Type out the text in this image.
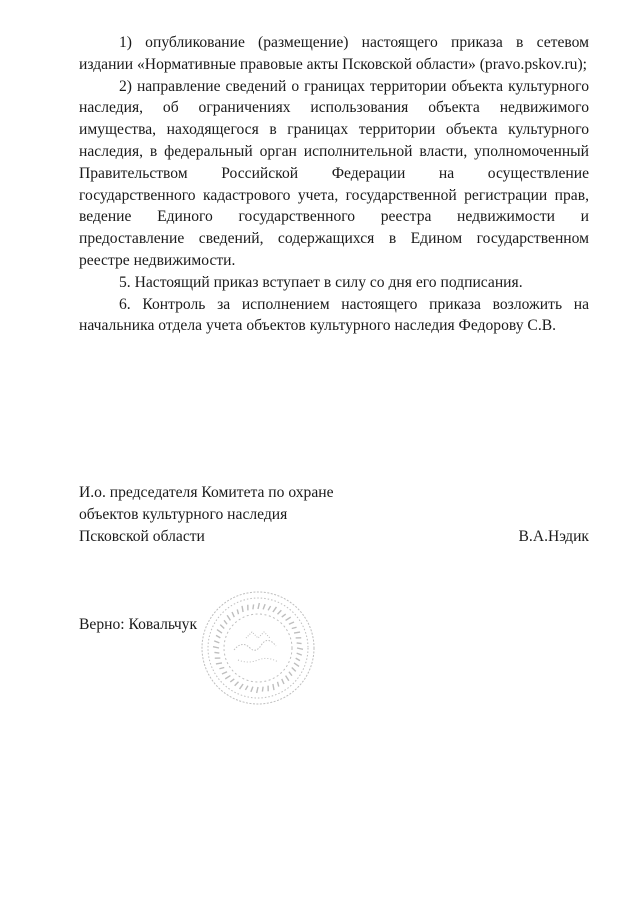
1) опубликование (размещение) настоящего приказа в сетевом издании «Нормативные правовые акты Псковской области» (pravo.pskov.ru);

2) направление сведений о границах территории объекта культурного наследия, об ограничениях использования объекта недвижимого имущества, находящегося в границах территории объекта культурного наследия, в федеральный орган исполнительной власти, уполномоченный Правительством Российской Федерации на осуществление государственного кадастрового учета, государственной регистрации прав, ведение Единого государственного реестра недвижимости и предоставление сведений, содержащихся в Едином государственном реестре недвижимости.

5. Настоящий приказ вступает в силу со дня его подписания.

6. Контроль за исполнением настоящего приказа возложить на начальника отдела учета объектов культурного наследия Федорову С.В.

И.о. председателя Комитета по охране

объектов культурного наследия

Псковской области	В.А.Нэдик

Верно: Ковальчук
